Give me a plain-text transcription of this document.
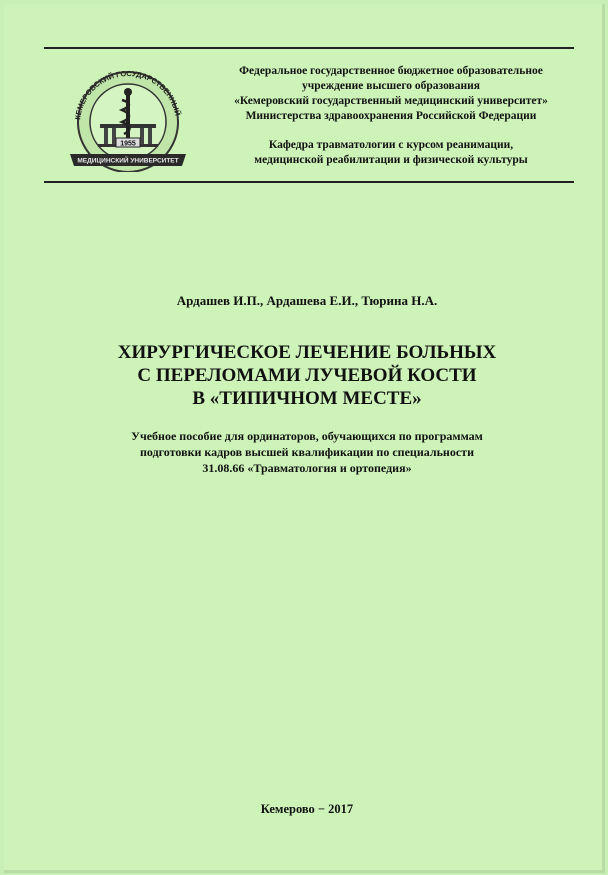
КЕМЕРОВСКИЙ ГОСУДАРСТВЕННЫЙ
1955
МЕДИЦИНСКИЙ УНИВЕРСИТЕТ
Федеральное государственное бюджетное образовательное
учреждение высшего образования
«Кемеровский государственный медицинский университет»
Министерства здравоохранения Российской Федерации
Кафедра травматологии с курсом реанимации,
медицинской реабилитации и физической культуры
Ардашев И.П., Ардашева Е.И., Тюрина Н.А.
ХИРУРГИЧЕСКОЕ ЛЕЧЕНИЕ БОЛЬНЫХ
С ПЕРЕЛОМАМИ ЛУЧЕВОЙ КОСТИ
В «ТИПИЧНОМ МЕСТЕ»
Учебное пособие для ординаторов, обучающихся по программам
подготовки кадров высшей квалификации по специальности
31.08.66 «Травматология и ортопедия»
Кемерово − 2017
